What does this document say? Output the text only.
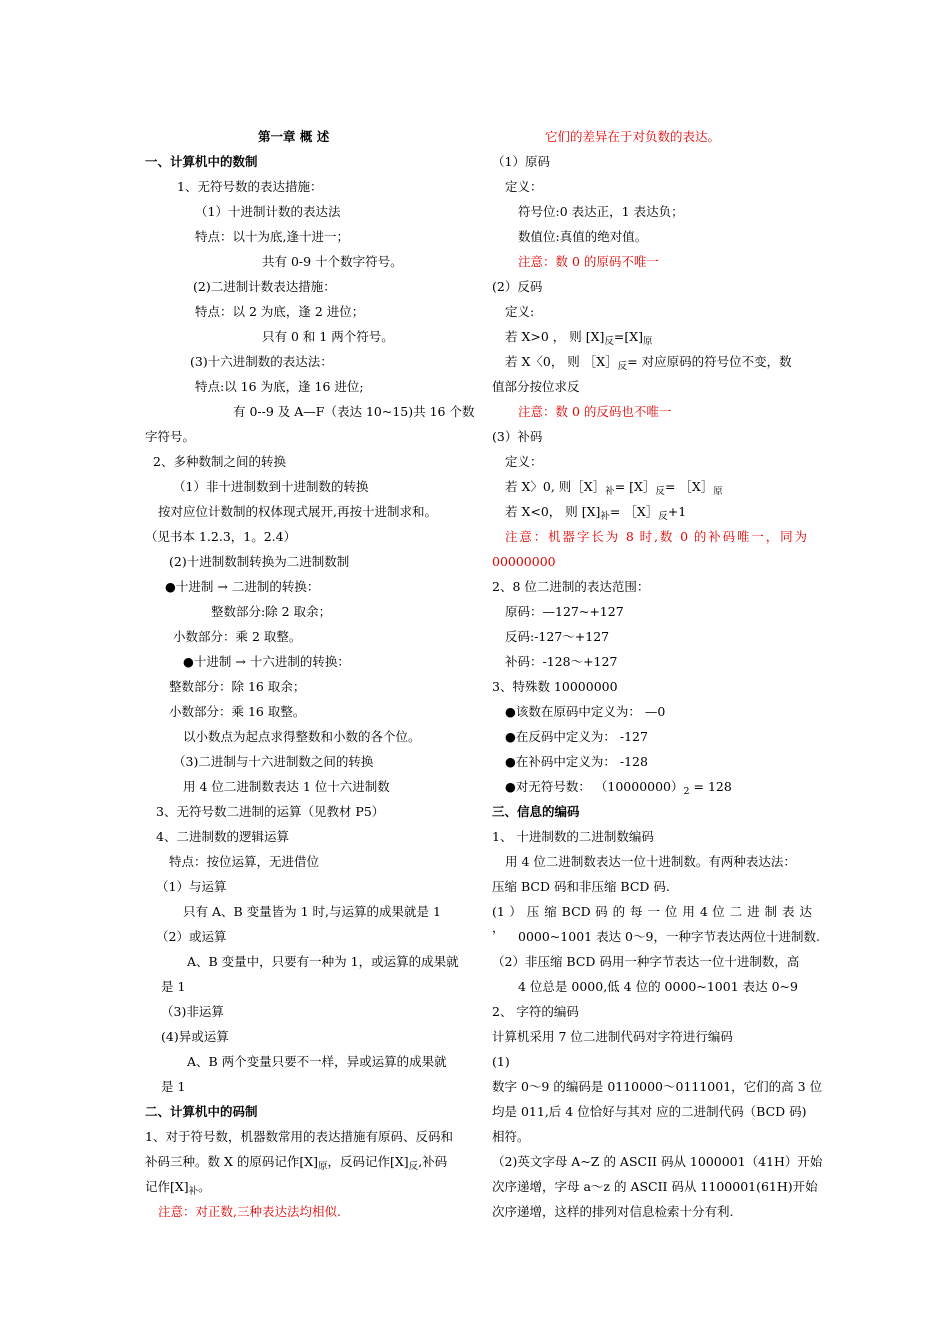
第一章 概 述
一、计算机中的数制
1、无符号数的表达措施：
（1）十进制计数的表达法
特点：以十为底,逢十进一；
共有 0-9 十个数字符号。
(2)二进制计数表达措施：
特点：以 2 为底，逢 2 进位；
只有 0 和 1 两个符号。
(3)十六进制数的表达法：
特点:以 16 为底，逢 16 进位;
有 0--9 及 A—F（表达 10~15)共 16 个数
字符号。
2、多种数制之间的转换
（1）非十进制数到十进制数的转换
按对应位计数制的权体现式展开,再按十进制求和。
（见书本 1.2.3，1。2.4）
(2)十进制数制转换为二进制数制
●十进制 → 二进制的转换：
整数部分:除 2 取余；
小数部分：乘 2 取整。
●十进制 → 十六进制的转换：
整数部分：除 16 取余；
小数部分：乘 16 取整。
以小数点为起点求得整数和小数的各个位。
（3)二进制与十六进制数之间的转换
用 4 位二进制数表达 1 位十六进制数
3、无符号数二进制的运算（见教材 P5）
4、二进制数的逻辑运算
特点：按位运算，无进借位
（1）与运算
只有 A、B 变量皆为 1 时,与运算的成果就是 1
（2）或运算
A、B 变量中，只要有一种为 1，或运算的成果就
是 1
（3)非运算
(4)异或运算
A、B 两个变量只要不一样，异或运算的成果就
是 1
二、计算机中的码制
1、对于符号数，机器数常用的表达措施有原码、反码和
补码三种。数 X 的原码记作$[X]_原$，反码记作$[X]_反$,补码
记作$[X]_补$。
注意：对正数,三种表达法均相似.
它们的差异在于对负数的表达。
（1）原码
定义：
符号位:0 表达正，1 表达负；
数值位:真值的绝对值。
注意：数 0 的原码不唯一
(2）反码
定义:
若 X>0 ， 则 $[X]_反=[X]_原$
若 X〈0， 则 $[X]_反=$ 对应原码的符号位不变，数
值部分按位求反
注意：数 0 的反码也不唯一
(3）补码
定义：
若 X〉0, 则$[X]_补=$ [$X]_反=$ $[X]_原$
若 X<0， 则 $[X]_补=$ $[X]_反+1$
注意：机器字长为 8 时,数 0 的补码唯一，同为
00000000
2、8 位二进制的表达范围：
原码：—127~+127
反码:-127～+127
补码：-128～+127
3、特殊数 10000000
●该数在原码中定义为： —0
●在反码中定义为： -127
●在补码中定义为： -128
●对无符号数： $(10000000)_2 = 128$
三、信息的编码
1、 十进制数的二进制数编码
用 4 位二进制数表达一位十进制数。有两种表达法：
压缩 BCD 码和非压缩 BCD 码.
(1 ） 压 缩 BCD 码 的 每 一 位 用 4 位 二 进 制 表 达 ，
0000~1001 表达 0～9，一种字节表达两位十进制数.
（2）非压缩 BCD 码用一种字节表达一位十进制数，高
4 位总是 0000,低 4 位的 0000~1001 表达 0~9
2、 字符的编码
计算机采用 7 位二进制代码对字符进行编码
(1)
数字 0～9 的编码是 0110000～0111001，它们的高 3 位
均是 011,后 4 位恰好与其对 应的二进制代码（BCD 码)
相符。
（2)英文字母 A~Z 的 ASCII 码从 1000001（41H）开始
次序递增，字母 a～z 的 ASCII 码从 1100001(61H)开始
次序递增，这样的排列对信息检索十分有利.
